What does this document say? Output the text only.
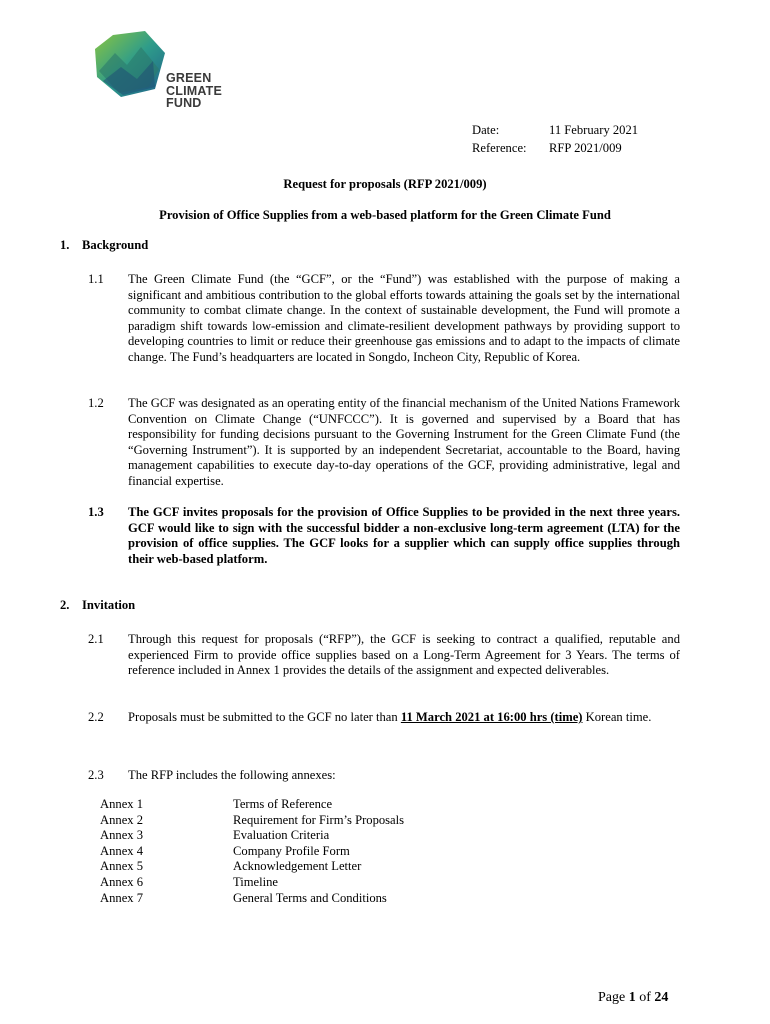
GREEN
CLIMATE
FUND
Date:	11 February 2021
Reference:	RFP 2021/009
Request for proposals (RFP 2021/009)
Provision of Office Supplies from a web-based platform for the Green Climate Fund
1. Background
1.1 The Green Climate Fund (the “GCF”, or the “Fund”) was established with the purpose of making a significant and ambitious contribution to the global efforts towards attaining the goals set by the international community to combat climate change. In the context of sustainable development, the Fund will promote a paradigm shift towards low-emission and climate-resilient development pathways by providing support to developing countries to limit or reduce their greenhouse gas emissions and to adapt to the impacts of climate change. The Fund’s headquarters are located in Songdo, Incheon City, Republic of Korea.
1.2 The GCF was designated as an operating entity of the financial mechanism of the United Nations Framework Convention on Climate Change (“UNFCCC”). It is governed and supervised by a Board that has responsibility for funding decisions pursuant to the Governing Instrument for the Green Climate Fund (the “Governing Instrument”). It is supported by an independent Secretariat, accountable to the Board, having management capabilities to execute day-to-day operations of the GCF, providing administrative, legal and financial expertise.
1.3 The GCF invites proposals for the provision of Office Supplies to be provided in the next three years. GCF would like to sign with the successful bidder a non-exclusive long-term agreement (LTA) for the provision of office supplies. The GCF looks for a supplier which can supply office supplies through their web-based platform.
2. Invitation
2.1 Through this request for proposals (“RFP”), the GCF is seeking to contract a qualified, reputable and experienced Firm to provide office supplies based on a Long-Term Agreement for 3 Years. The terms of reference included in Annex 1 provides the details of the assignment and expected deliverables.
2.2 Proposals must be submitted to the GCF no later than 11 March 2021 at 16:00 hrs (time) Korean time.
2.3 The RFP includes the following annexes:
Annex 1	Terms of Reference
Annex 2	Requirement for Firm’s Proposals
Annex 3	Evaluation Criteria
Annex 4	Company Profile Form
Annex 5	Acknowledgement Letter
Annex 6	Timeline
Annex 7	General Terms and Conditions
Page 1 of 24
